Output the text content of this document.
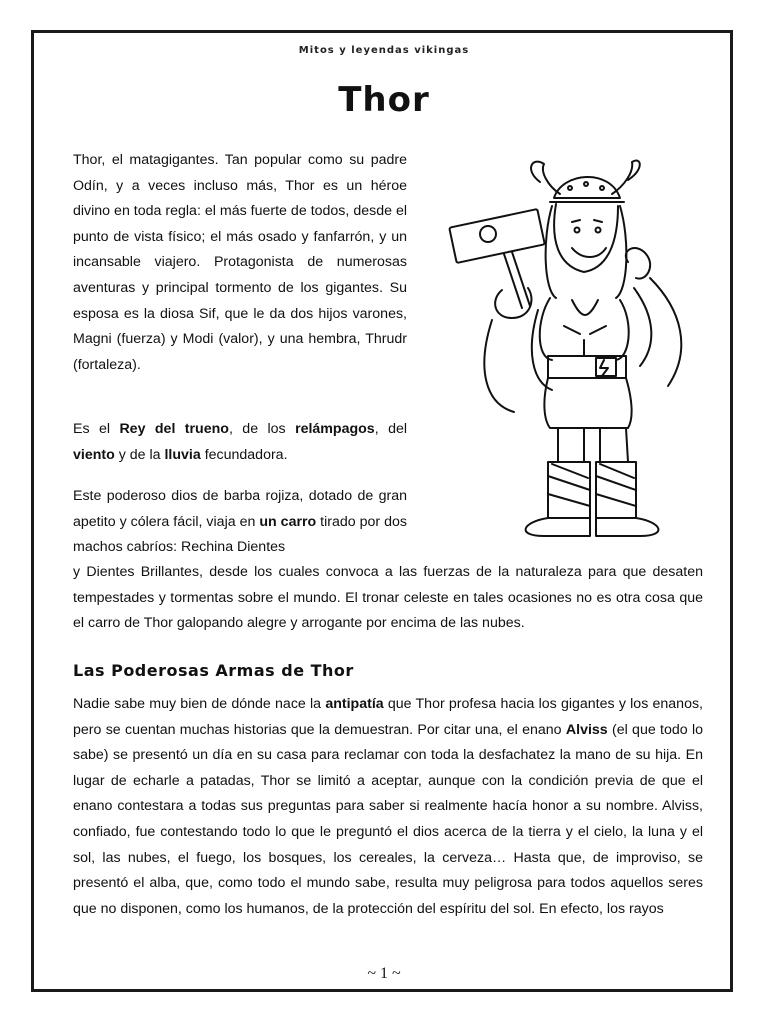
Mitos y leyendas vikingas
Thor

Thor, el matagigantes. Tan popular como su padre Odín, y a veces incluso más, Thor es un héroe divino en toda regla: el más fuerte de todos, desde el punto de vista físico; el más osado y fanfarrón, y un incansable viajero. Protagonista de numerosas aventuras y principal tormento de los gigantes. Su esposa es la diosa Sif, que le da dos hijos varones, Magni (fuerza) y Modi (valor), y una hembra, Thrudr (fortaleza).

Es el Rey del trueno, de los relámpagos, del viento y de la lluvia fecundadora.

Este poderoso dios de barba rojiza, dotado de gran apetito y cólera fácil, viaja en un carro tirado por dos machos cabríos: Rechina Dientes

y Dientes Brillantes, desde los cuales convoca a las fuerzas de la naturaleza para que desaten tempestades y tormentas sobre el mundo. El tronar celeste en tales ocasiones no es otra cosa que el carro de Thor galopando alegre y arrogante por encima de las nubes.

Las Poderosas Armas de Thor

Nadie sabe muy bien de dónde nace la antipatía que Thor profesa hacia los gigantes y los enanos, pero se cuentan muchas historias que la demuestran. Por citar una, el enano Alviss (el que todo lo sabe) se presentó un día en su casa para reclamar con toda la desfachatez la mano de su hija. En lugar de echarle a patadas, Thor se limitó a aceptar, aunque con la condición previa de que el enano contestara a todas sus preguntas para saber si realmente hacía honor a su nombre. Alviss, confiado, fue contestando todo lo que le preguntó el dios acerca de la tierra y el cielo, la luna y el sol, las nubes, el fuego, los bosques, los cereales, la cerveza… Hasta que, de improviso, se presentó el alba, que, como todo el mundo sabe, resulta muy peligrosa para todos aquellos seres que no disponen, como los humanos, de la protección del espíritu del sol. En efecto, los rayos

~ 1 ~
